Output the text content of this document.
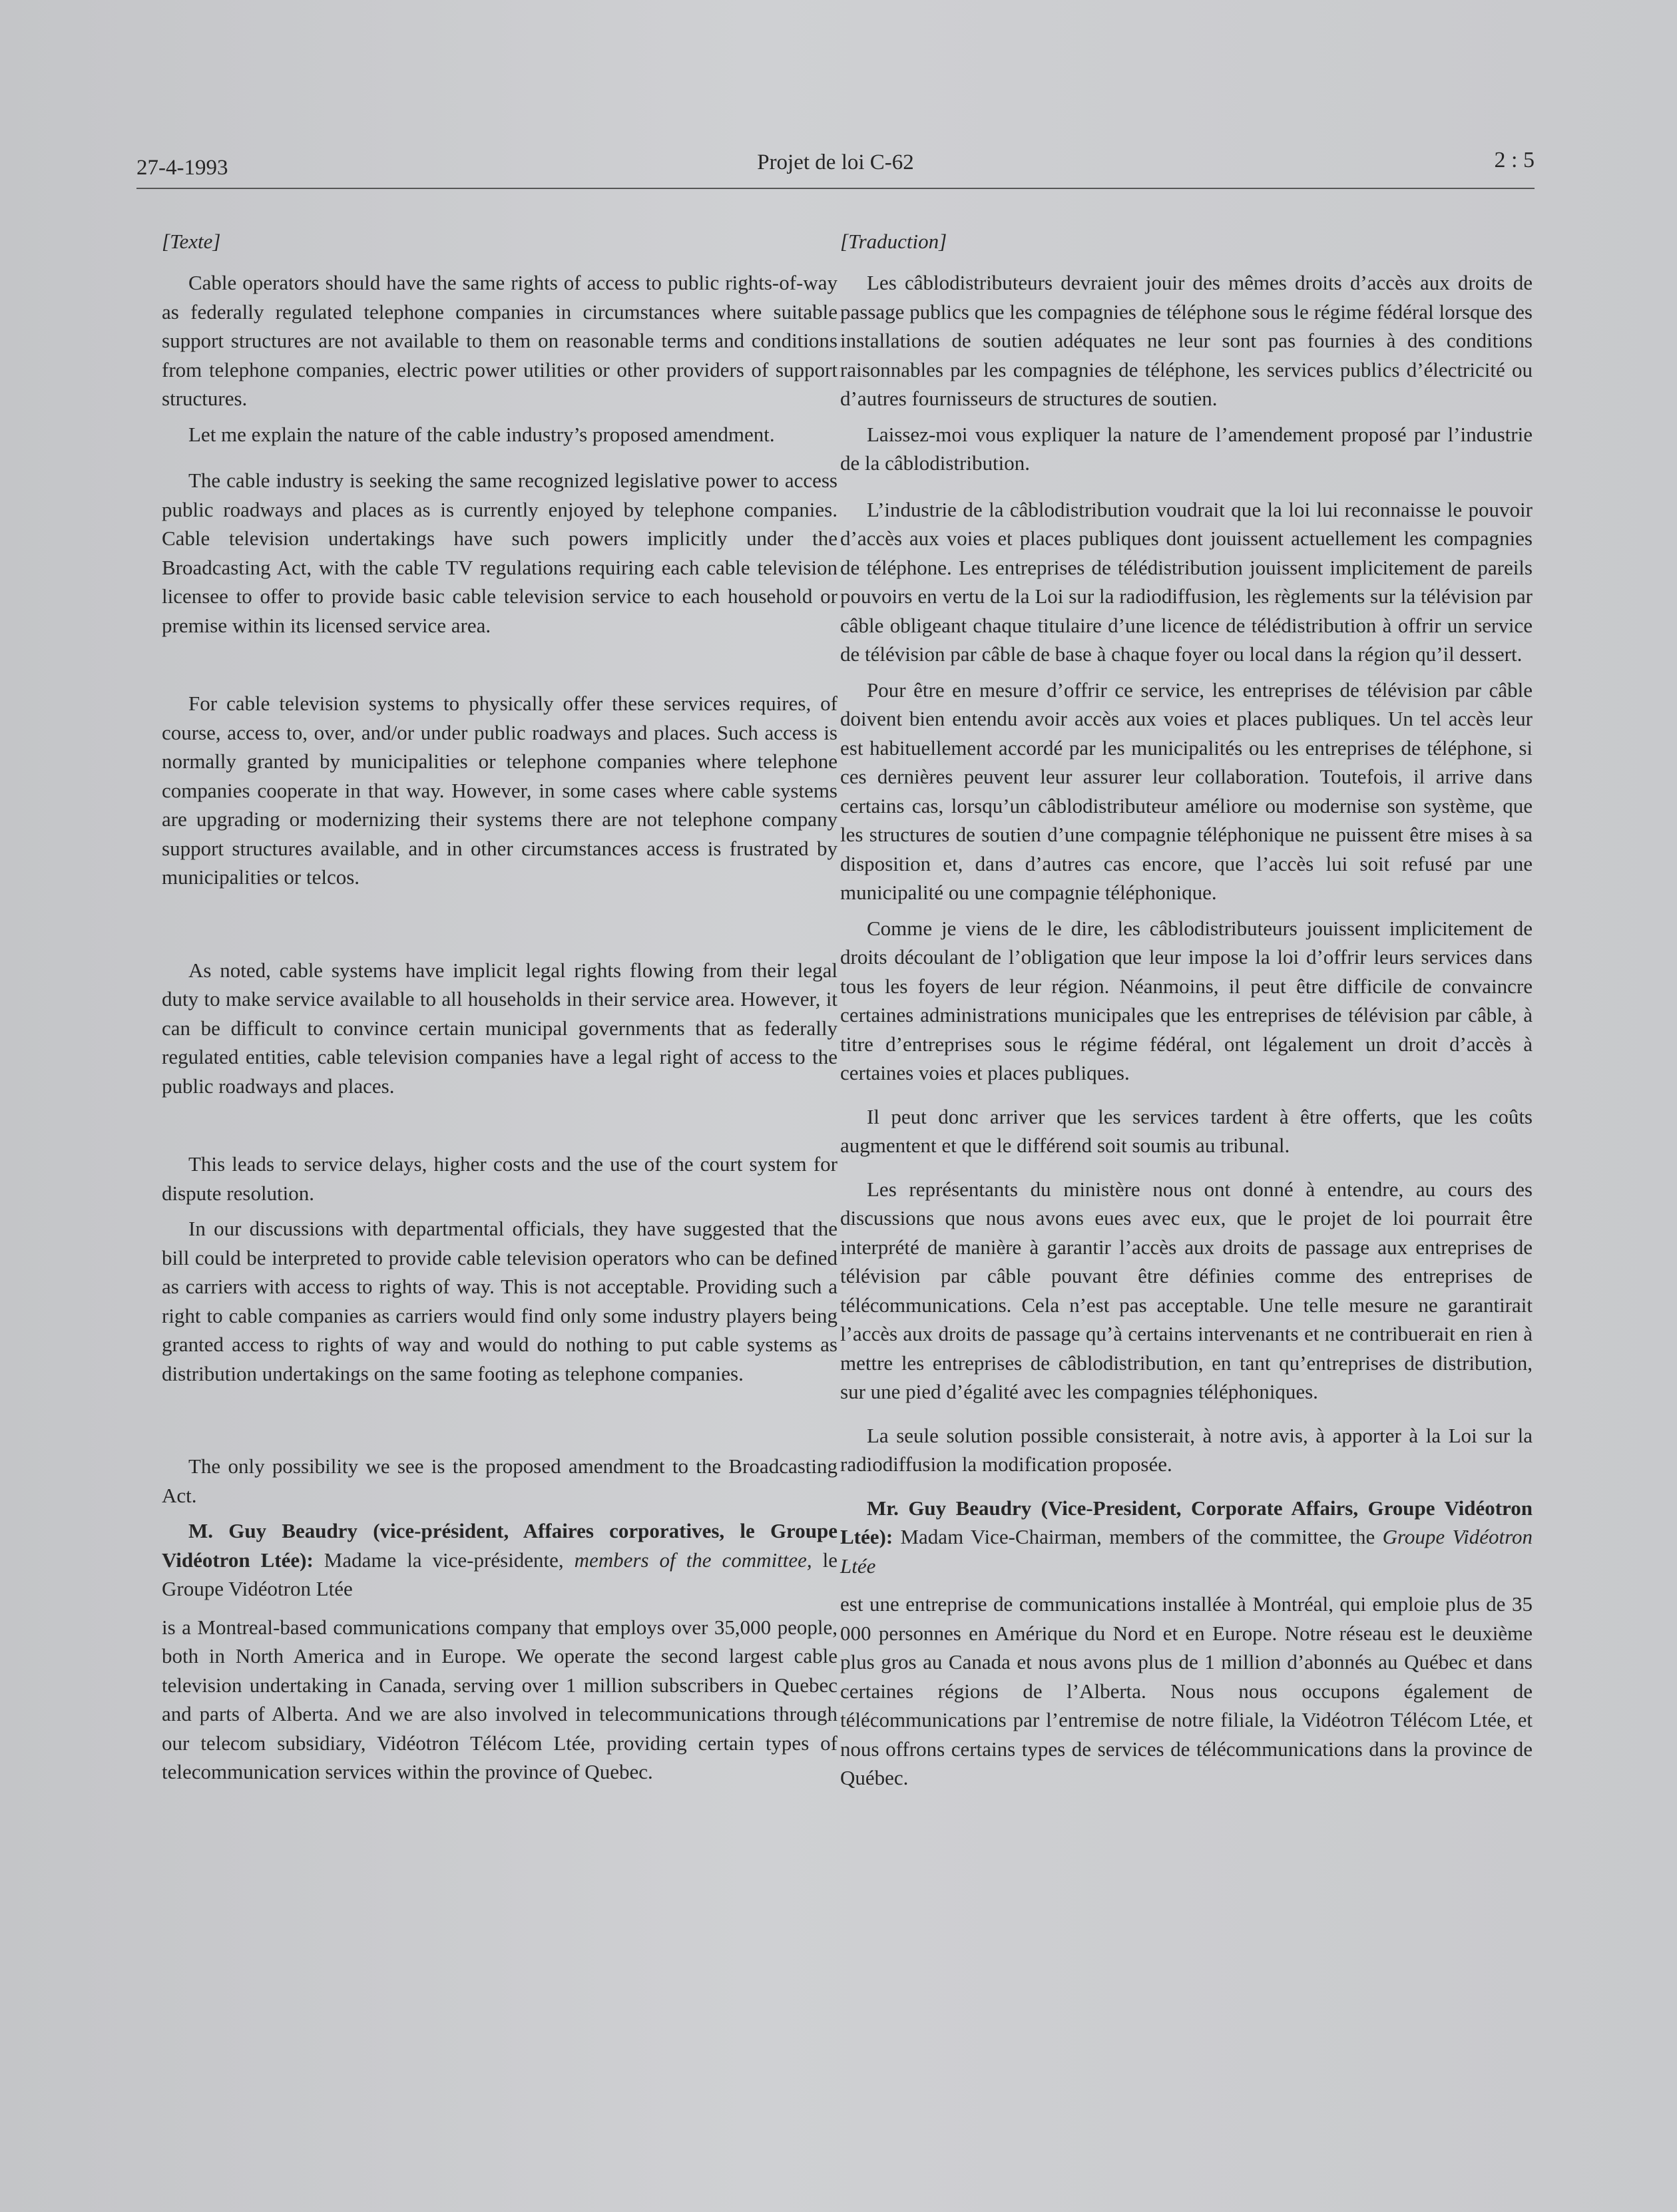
27-4-1993	Projet de loi C-62	2 : 5
[Texte]

Cable operators should have the same rights of access to public rights-of-way as federally regulated telephone companies in circumstances where suitable support structures are not available to them on reasonable terms and conditions from telephone companies, electric power utilities or other providers of support structures.

Let me explain the nature of the cable industry’s proposed amendment.

The cable industry is seeking the same recognized legislative power to access public roadways and places as is currently enjoyed by telephone companies. Cable television undertakings have such powers implicitly under the Broadcasting Act, with the cable TV regulations requiring each cable television licensee to offer to provide basic cable television service to each household or premise within its licensed service area.

For cable television systems to physically offer these services requires, of course, access to, over, and/or under public roadways and places. Such access is normally granted by municipalities or telephone companies where telephone companies cooperate in that way. However, in some cases where cable systems are upgrading or modernizing their systems there are not telephone company support structures available, and in other circumstances access is frustrated by municipalities or telcos.

As noted, cable systems have implicit legal rights flowing from their legal duty to make service available to all households in their service area. However, it can be difficult to convince certain municipal governments that as federally regulated entities, cable television companies have a legal right of access to the public roadways and places.

This leads to service delays, higher costs and the use of the court system for dispute resolution.

In our discussions with departmental officials, they have suggested that the bill could be interpreted to provide cable television operators who can be defined as carriers with access to rights of way. This is not acceptable. Providing such a right to cable companies as carriers would find only some industry players being granted access to rights of way and would do nothing to put cable systems as distribution undertakings on the same footing as telephone companies.

The only possibility we see is the proposed amendment to the Broadcasting Act.

M. Guy Beaudry (vice-président, Affaires corporatives, le Groupe Vidéotron Ltée): Madame la vice-présidente, members of the committee, le Groupe Vidéotron Ltée

is a Montreal-based communications company that employs over 35,000 people, both in North America and in Europe. We operate the second largest cable television undertaking in Canada, serving over 1 million subscribers in Quebec and parts of Alberta. And we are also involved in telecommunications through our telecom subsidiary, Vidéotron Télécom Ltée, providing certain types of telecommunication services within the province of Quebec.

[Traduction]

Les câblodistributeurs devraient jouir des mêmes droits d’accès aux droits de passage publics que les compagnies de téléphone sous le régime fédéral lorsque des installations de soutien adéquates ne leur sont pas fournies à des conditions raisonnables par les compagnies de téléphone, les services publics d’électricité ou d’autres fournisseurs de structures de soutien.

Laissez-moi vous expliquer la nature de l’amendement proposé par l’industrie de la câblodistribution.

L’industrie de la câblodistribution voudrait que la loi lui reconnaisse le pouvoir d’accès aux voies et places publiques dont jouissent actuellement les compagnies de téléphone. Les entreprises de télédistribution jouissent implicitement de pareils pouvoirs en vertu de la Loi sur la radiodiffusion, les règlements sur la télévision par câble obligeant chaque titulaire d’une licence de télédistribution à offrir un service de télévision par câble de base à chaque foyer ou local dans la région qu’il dessert.

Pour être en mesure d’offrir ce service, les entreprises de télévision par câble doivent bien entendu avoir accès aux voies et places publiques. Un tel accès leur est habituellement accordé par les municipalités ou les entreprises de téléphone, si ces dernières peuvent leur assurer leur collaboration. Toutefois, il arrive dans certains cas, lorsqu’un câblodistributeur améliore ou modernise son système, que les structures de soutien d’une compagnie téléphonique ne puissent être mises à sa disposition et, dans d’autres cas encore, que l’accès lui soit refusé par une municipalité ou une compagnie téléphonique.

Comme je viens de le dire, les câblodistributeurs jouissent implicitement de droits découlant de l’obligation que leur impose la loi d’offrir leurs services dans tous les foyers de leur région. Néanmoins, il peut être difficile de convaincre certaines administrations municipales que les entreprises de télévision par câble, à titre d’entreprises sous le régime fédéral, ont légalement un droit d’accès à certaines voies et places publiques.

Il peut donc arriver que les services tardent à être offerts, que les coûts augmentent et que le différend soit soumis au tribunal.

Les représentants du ministère nous ont donné à entendre, au cours des discussions que nous avons eues avec eux, que le projet de loi pourrait être interprété de manière à garantir l’accès aux droits de passage aux entreprises de télévision par câble pouvant être définies comme des entreprises de télécommunications. Cela n’est pas acceptable. Une telle mesure ne garantirait l’accès aux droits de passage qu’à certains intervenants et ne contribuerait en rien à mettre les entreprises de câblodistribution, en tant qu’entreprises de distribution, sur une pied d’égalité avec les compagnies téléphoniques.

La seule solution possible consisterait, à notre avis, à apporter à la Loi sur la radiodiffusion la modification proposée.

Mr. Guy Beaudry (Vice-President, Corporate Affairs, Groupe Vidéotron Ltée): Madam Vice-Chairman, members of the committee, the Groupe Vidéotron Ltée

est une entreprise de communications installée à Montréal, qui emploie plus de 35 000 personnes en Amérique du Nord et en Europe. Notre réseau est le deuxième plus gros au Canada et nous avons plus de 1 million d’abonnés au Québec et dans certaines régions de l’Alberta. Nous nous occupons également de télécommunications par l’entremise de notre filiale, la Vidéotron Télécom Ltée, et nous offrons certains types de services de télécommunications dans la province de Québec.
